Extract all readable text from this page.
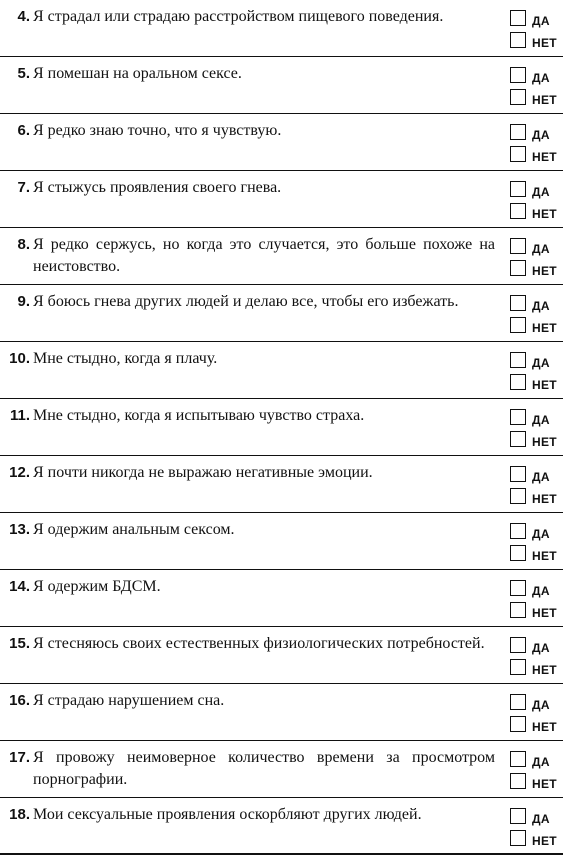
4. Я страдал или страдаю расстройством пищевого поведения.	ДА
НЕТ
5. Я помешан на оральном сексе.	ДА
НЕТ
6. Я редко знаю точно, что я чувствую.	ДА
НЕТ
7. Я стыжусь проявления своего гнева.	ДА
НЕТ
8. Я редко сержусь, но когда это случается, это больше похоже на неистовство.
ДА
НЕТ
9. Я боюсь гнева других людей и делаю все, чтобы его избежать.	ДА
НЕТ
10. Мне стыдно, когда я плачу.	ДА
НЕТ
11. Мне стыдно, когда я испытываю чувство страха.	ДА
НЕТ
12. Я почти никогда не выражаю негативные эмоции.	ДА
НЕТ
13. Я одержим анальным сексом.	ДА
НЕТ
14. Я одержим БДСМ.	ДА
НЕТ
15. Я стесняюсь своих естественных физиологических потребностей.	ДА
НЕТ
16. Я страдаю нарушением сна.	ДА
НЕТ
17. Я провожу неимоверное количество времени за просмотром порнографии.
ДА
НЕТ
18. Мои сексуальные проявления оскорбляют других людей.	ДА
НЕТ
